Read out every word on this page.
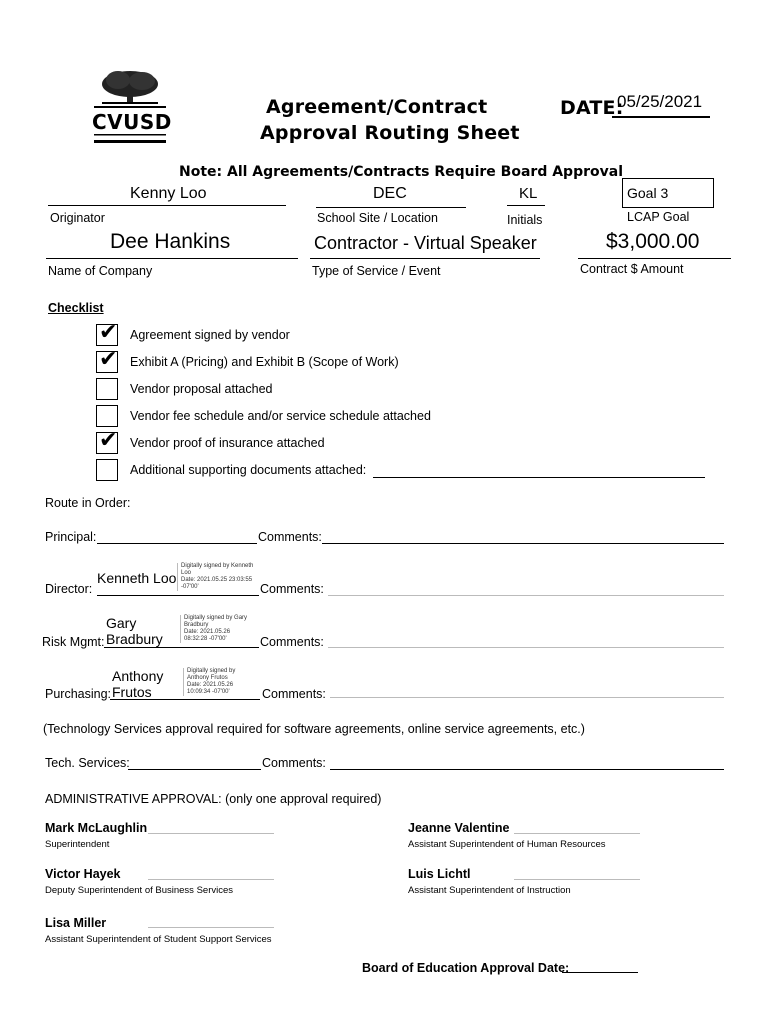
CVUSD
Agreement/Contract
Approval Routing Sheet
DATE:
05/25/2021
Note: All Agreements/Contracts Require Board Approval
Kenny Loo
Originator
DEC
School Site / Location
KL
Initials
Goal 3
LCAP Goal
Dee Hankins
Name of Company
Contractor - Virtual Speaker
Type of Service / Event
$3,000.00
Contract $ Amount
Checklist
✔ Agreement signed by vendor
✔ Exhibit A (Pricing) and Exhibit B (Scope of Work)
Vendor proposal attached
Vendor fee schedule and/or service schedule attached
✔ Vendor proof of insurance attached
Additional supporting documents attached:
Route in Order:
Principal:	Comments:
Director:
Kenneth Loo
Digitally signed by Kenneth
Loo
Date: 2021.05.25 23:03:55
-07'00'	Comments:
Risk Mgmt:
Gary
Bradbury
Digitally signed by Gary
Bradbury
Date: 2021.05.26
08:32:28 -07'00'	Comments:
Purchasing:
Anthony
Frutos
Digitally signed by
Anthony Frutos
Date: 2021.05.26
10:09:34 -07'00'	Comments:
(Technology Services approval required for software agreements, online service agreements, etc.)
Tech. Services:	Comments:
ADMINISTRATIVE APPROVAL: (only one approval required)
Mark McLaughlin
Superintendent
Jeanne Valentine
Assistant Superintendent of Human Resources
Victor Hayek
Deputy Superintendent of Business Services
Luis Lichtl
Assistant Superintendent of Instruction
Lisa Miller
Assistant Superintendent of Student Support Services
Board of Education Approval Date:
